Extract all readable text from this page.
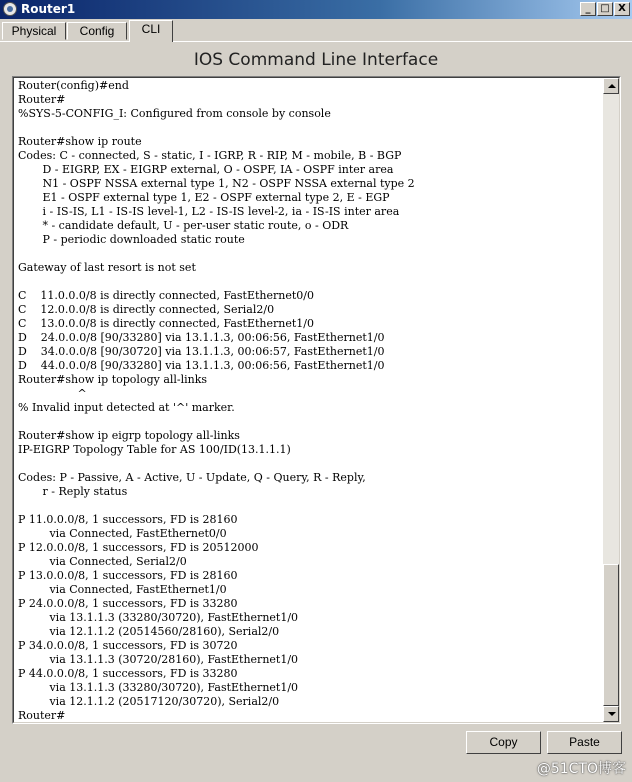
Router1	_ □ X
Physical	Config	CLI
IOS Command Line Interface
Router(config)#end
Router#
%SYS-5-CONFIG_I: Configured from console by console
Router#show ip route
Codes: C - connected, S - static, I - IGRP, R - RIP, M - mobile, B - BGP
D - EIGRP, EX - EIGRP external, O - OSPF, IA - OSPF inter area
N1 - OSPF NSSA external type 1, N2 - OSPF NSSA external type 2
E1 - OSPF external type 1, E2 - OSPF external type 2, E - EGP
i - IS-IS, L1 - IS-IS level-1, L2 - IS-IS level-2, ia - IS-IS inter area
* - candidate default, U - per-user static route, o - ODR
P - periodic downloaded static route
Gateway of last resort is not set
C    11.0.0.0/8 is directly connected, FastEthernet0/0
C    12.0.0.0/8 is directly connected, Serial2/0
C    13.0.0.0/8 is directly connected, FastEthernet1/0
D    24.0.0.0/8 [90/33280] via 13.1.1.3, 00:06:56, FastEthernet1/0
D    34.0.0.0/8 [90/30720] via 13.1.1.3, 00:06:57, FastEthernet1/0
D    44.0.0.0/8 [90/33280] via 13.1.1.3, 00:06:56, FastEthernet1/0
Router#show ip topology all-links
^
% Invalid input detected at '^' marker.
Router#show ip eigrp topology all-links
IP-EIGRP Topology Table for AS 100/ID(13.1.1.1)
Codes: P - Passive, A - Active, U - Update, Q - Query, R - Reply,
r - Reply status
P 11.0.0.0/8, 1 successors, FD is 28160
via Connected, FastEthernet0/0
P 12.0.0.0/8, 1 successors, FD is 20512000
via Connected, Serial2/0
P 13.0.0.0/8, 1 successors, FD is 28160
via Connected, FastEthernet1/0
P 24.0.0.0/8, 1 successors, FD is 33280
via 13.1.1.3 (33280/30720), FastEthernet1/0
via 12.1.1.2 (20514560/28160), Serial2/0
P 34.0.0.0/8, 1 successors, FD is 30720
via 13.1.1.3 (30720/28160), FastEthernet1/0
P 44.0.0.0/8, 1 successors, FD is 33280
via 13.1.1.3 (33280/30720), FastEthernet1/0
via 12.1.1.2 (20517120/30720), Serial2/0
Router#
Copy	Paste
@51CTO博客
